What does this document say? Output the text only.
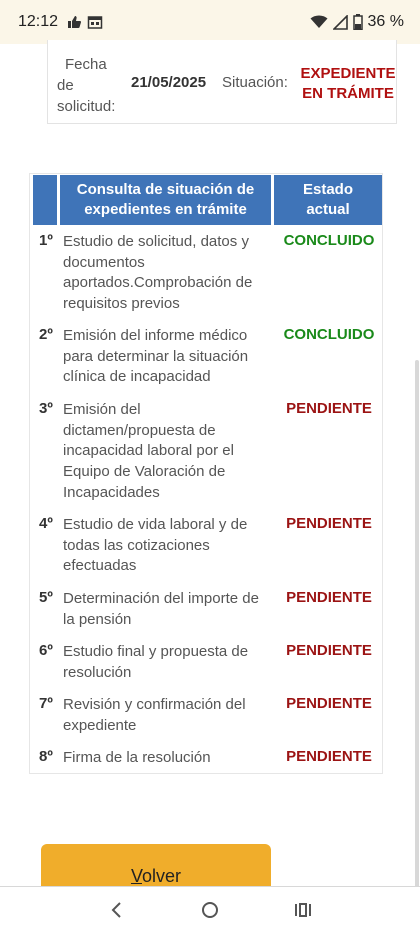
12:12	36 %
Fecha
de
solicitud:
21/05/2025 Situación:
EXPEDIENTE
EN TRÁMITE
Consulta de situación de
expedientes en trámite
Estado
actual
1º Estudio de solicitud, datos y documentos aportados.Comprobación de requisitos previos
CONCLUIDO
2º Emisión del informe médico para determinar la situación clínica de incapacidad
CONCLUIDO
3º Emisión del dictamen/propuesta de incapacidad laboral por el Equipo de Valoración de Incapacidades
PENDIENTE
4º Estudio de vida laboral y de todas las cotizaciones efectuadas
PENDIENTE
5º Determinación del importe de la pensión
PENDIENTE
6º Estudio final y propuesta de resolución
PENDIENTE
7º Revisión y confirmación del expediente
PENDIENTE
8º Firma de la resolución	PENDIENTE
Volver
